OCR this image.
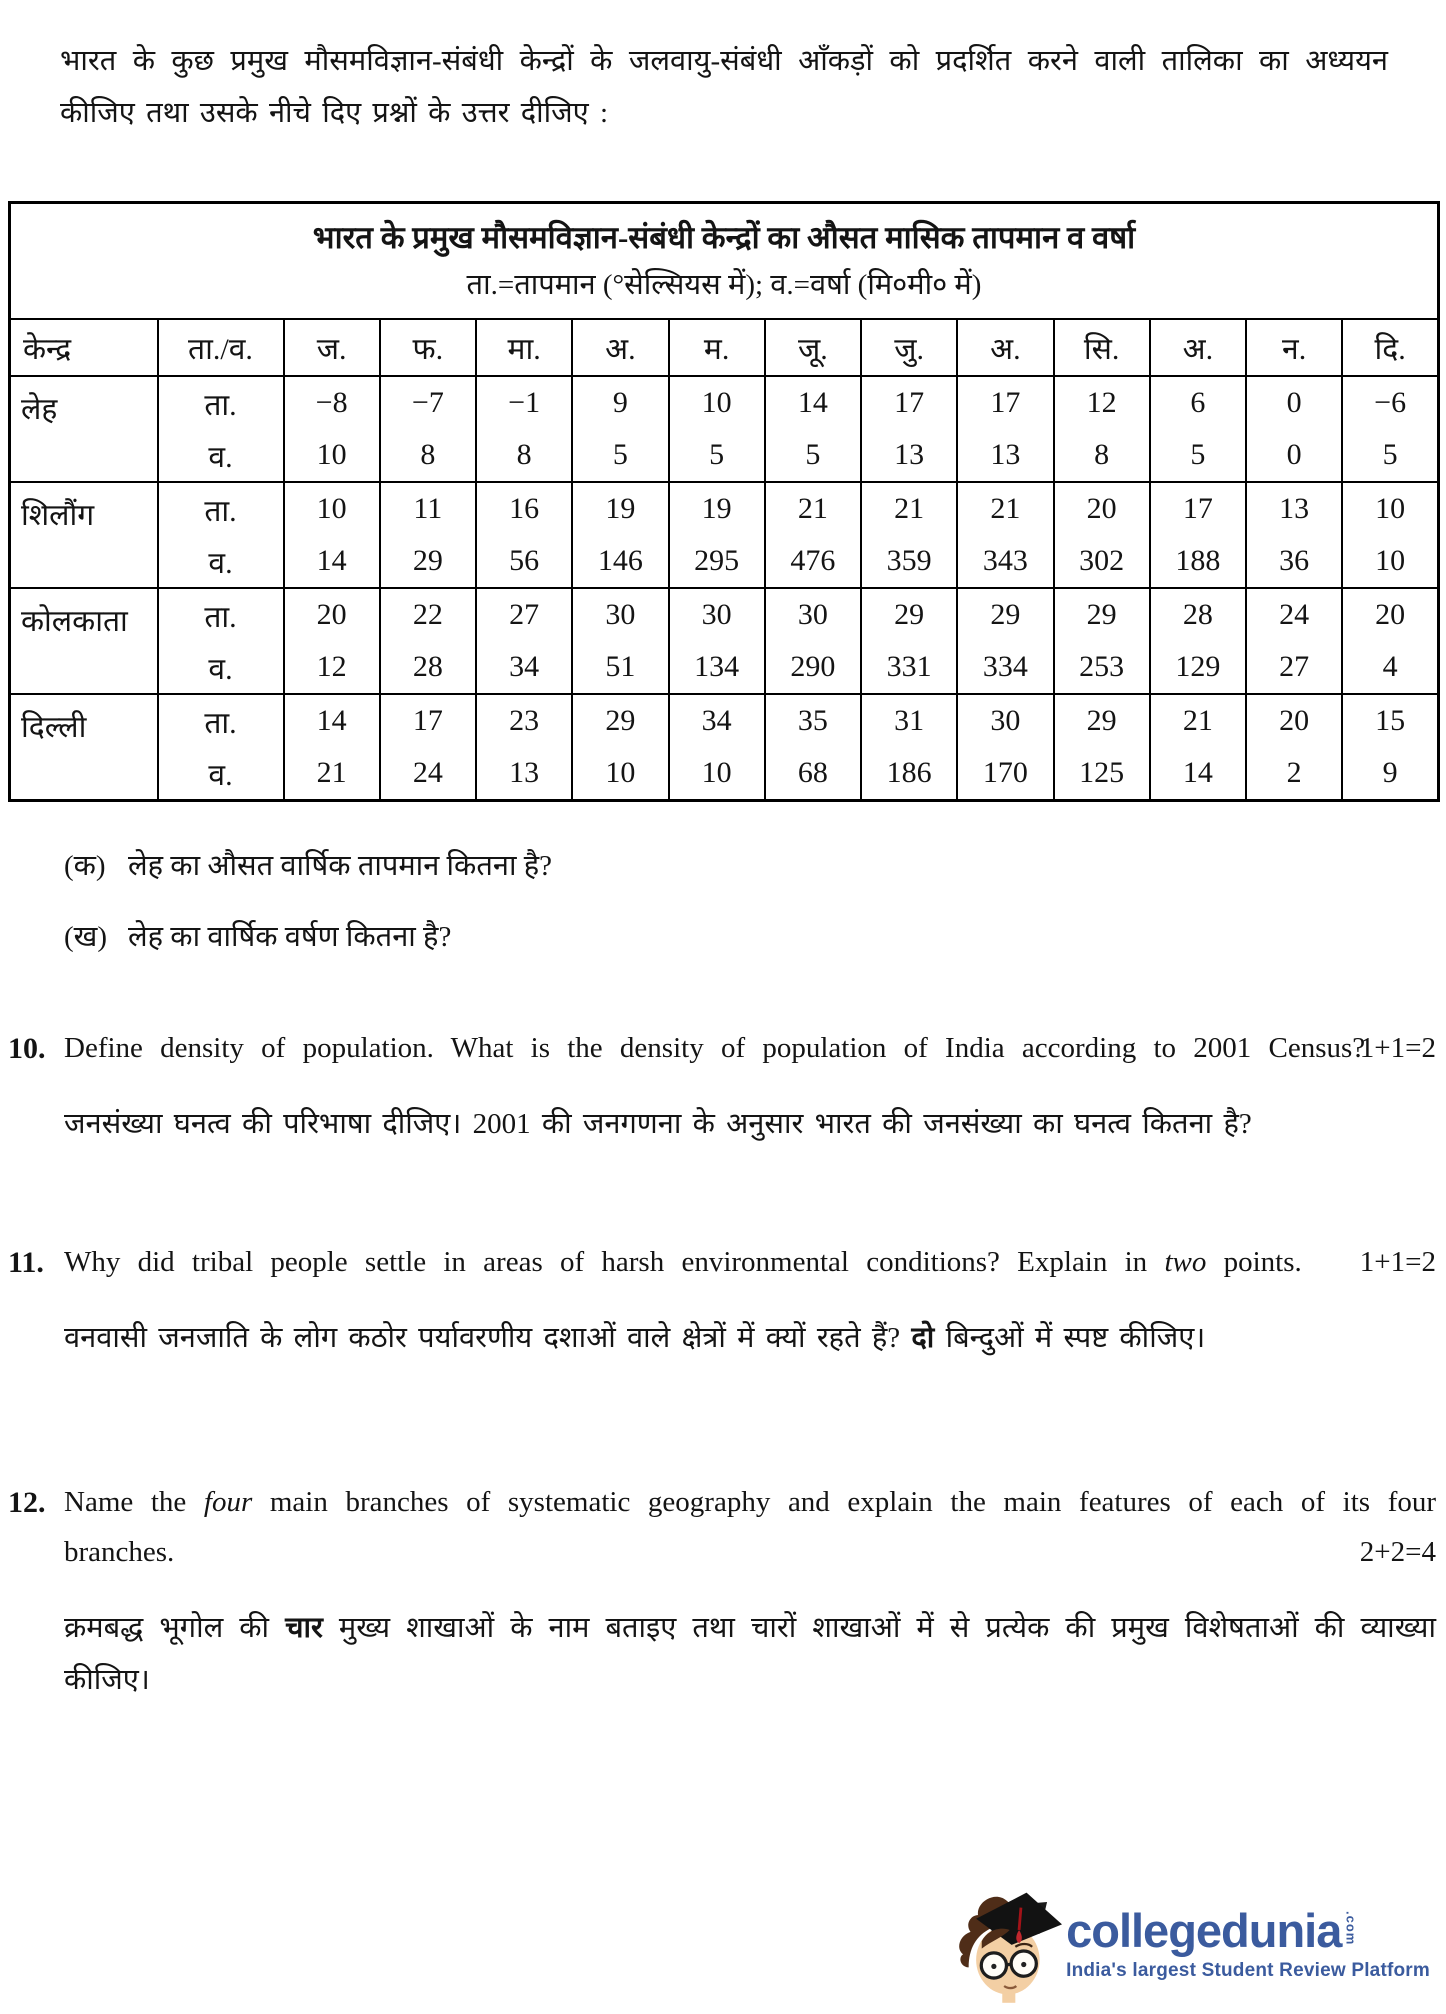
भारत के कुछ प्रमुख मौसमविज्ञान-संबंधी केन्द्रों के जलवायु-संबंधी आँकड़ों को प्रदर्शित करने वाली तालिका का अध्ययन कीजिए तथा उसके नीचे दिए प्रश्नों के उत्तर दीजिए :

भारत के प्रमुख मौसमविज्ञान-संबंधी केन्द्रों का औसत मासिक तापमान व वर्षा
ता.=तापमान (°सेल्सियस में); व.=वर्षा (मि०मी० में)													

केन्द्र	ता./व.	ज.	फ.	मा.	अ.	म.	जू.	जु.	अ.	सि.	अ.	न.	दि.
लेह	ता.	−8	−7	−1	9	10	14	17	17	12	6	0	−6
	व.	10	8	8	5	5	5	13	13	8	5	0	5
शिलौंग	ता.	10	11	16	19	19	21	21	21	20	17	13	10
	व.	14	29	56	146	295	476	359	343	302	188	36	10
कोलकाता	ता.	20	22	27	30	30	30	29	29	29	28	24	20
	व.	12	28	34	51	134	290	331	334	253	129	27	4
दिल्ली	ता.	14	17	23	29	34	35	31	30	29	21	20	15
	व.	21	24	13	10	10	68	186	170	125	14	2	9
(क) लेह का औसत वार्षिक तापमान कितना है?
(ख) लेह का वार्षिक वर्षण कितना है?
10. Define density of population. What is the density of population of India according to 2001 Census?
1+1=2
जनसंख्या घनत्व की परिभाषा दीजिए। 2001 की जनगणना के अनुसार भारत की जनसंख्या का घनत्व कितना है?
11. Why did tribal people settle in areas of harsh environmental conditions? Explain in two points. 1+1=2
वनवासी जनजाति के लोग कठोर पर्यावरणीय दशाओं वाले क्षेत्रों में क्यों रहते हैं? दो बिन्दुओं में स्पष्ट कीजिए।
12. Name the four main branches of systematic geography and explain the main features of each of its four branches.	2+2=4
क्रमबद्ध भूगोल की चार मुख्य शाखाओं के नाम बताइए तथा चारों शाखाओं में से प्रत्येक की प्रमुख विशेषताओं की व्याख्या कीजिए।
collegedunia .com
India's largest Student Review Platform
